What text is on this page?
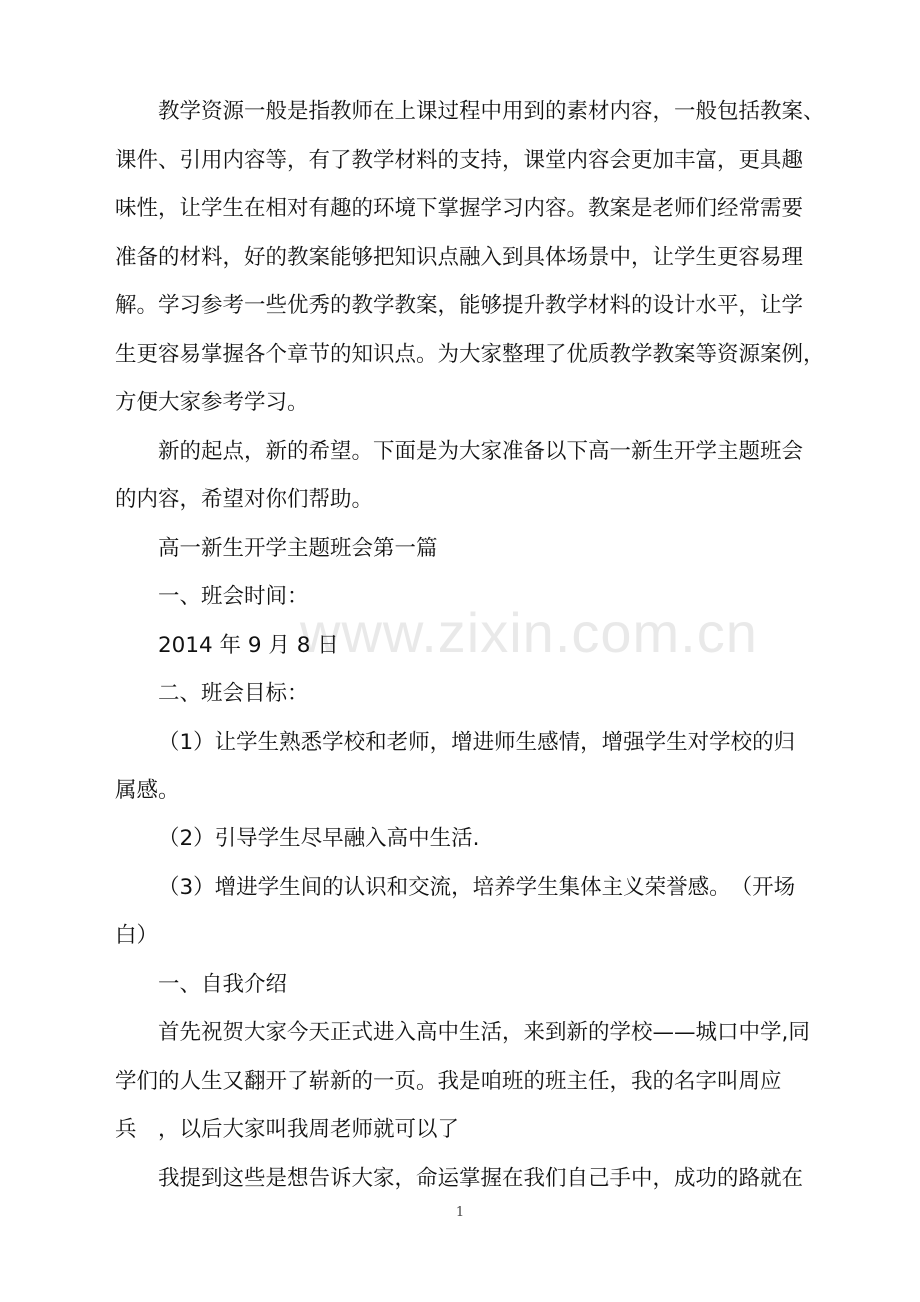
www.zixin.com.cn
教学资源一般是指教师在上课过程中用到的素材内容，一般包括教案、
课件、引用内容等，有了教学材料的支持，课堂内容会更加丰富，更具趣
味性，让学生在相对有趣的环境下掌握学习内容。教案是老师们经常需要
准备的材料，好的教案能够把知识点融入到具体场景中，让学生更容易理
解。学习参考一些优秀的教学教案，能够提升教学材料的设计水平，让学
生更容易掌握各个章节的知识点。为大家整理了优质教学教案等资源案例，
方便大家参考学习。
新的起点，新的希望。下面是为大家准备以下高一新生开学主题班会
的内容，希望对你们帮助。
高一新生开学主题班会第一篇
一、班会时间：
2014 年 9 月 8 日
二、班会目标：
（1）让学生熟悉学校和老师，增进师生感情，增强学生对学校的归
属感。
（2）引导学生尽早融入高中生活.
（3）增进学生间的认识和交流，培养学生集体主义荣誉感。　（开场
白）
一、自我介绍
首先祝贺大家今天正式进入高中生活，来到新的学校——城口中学,同
学们的人生又翻开了崭新的一页。我是咱班的班主任，我的名字叫周应
兵　，以后大家叫我周老师就可以了
我提到这些是想告诉大家，命运掌握在我们自己手中，成功的路就在
1
